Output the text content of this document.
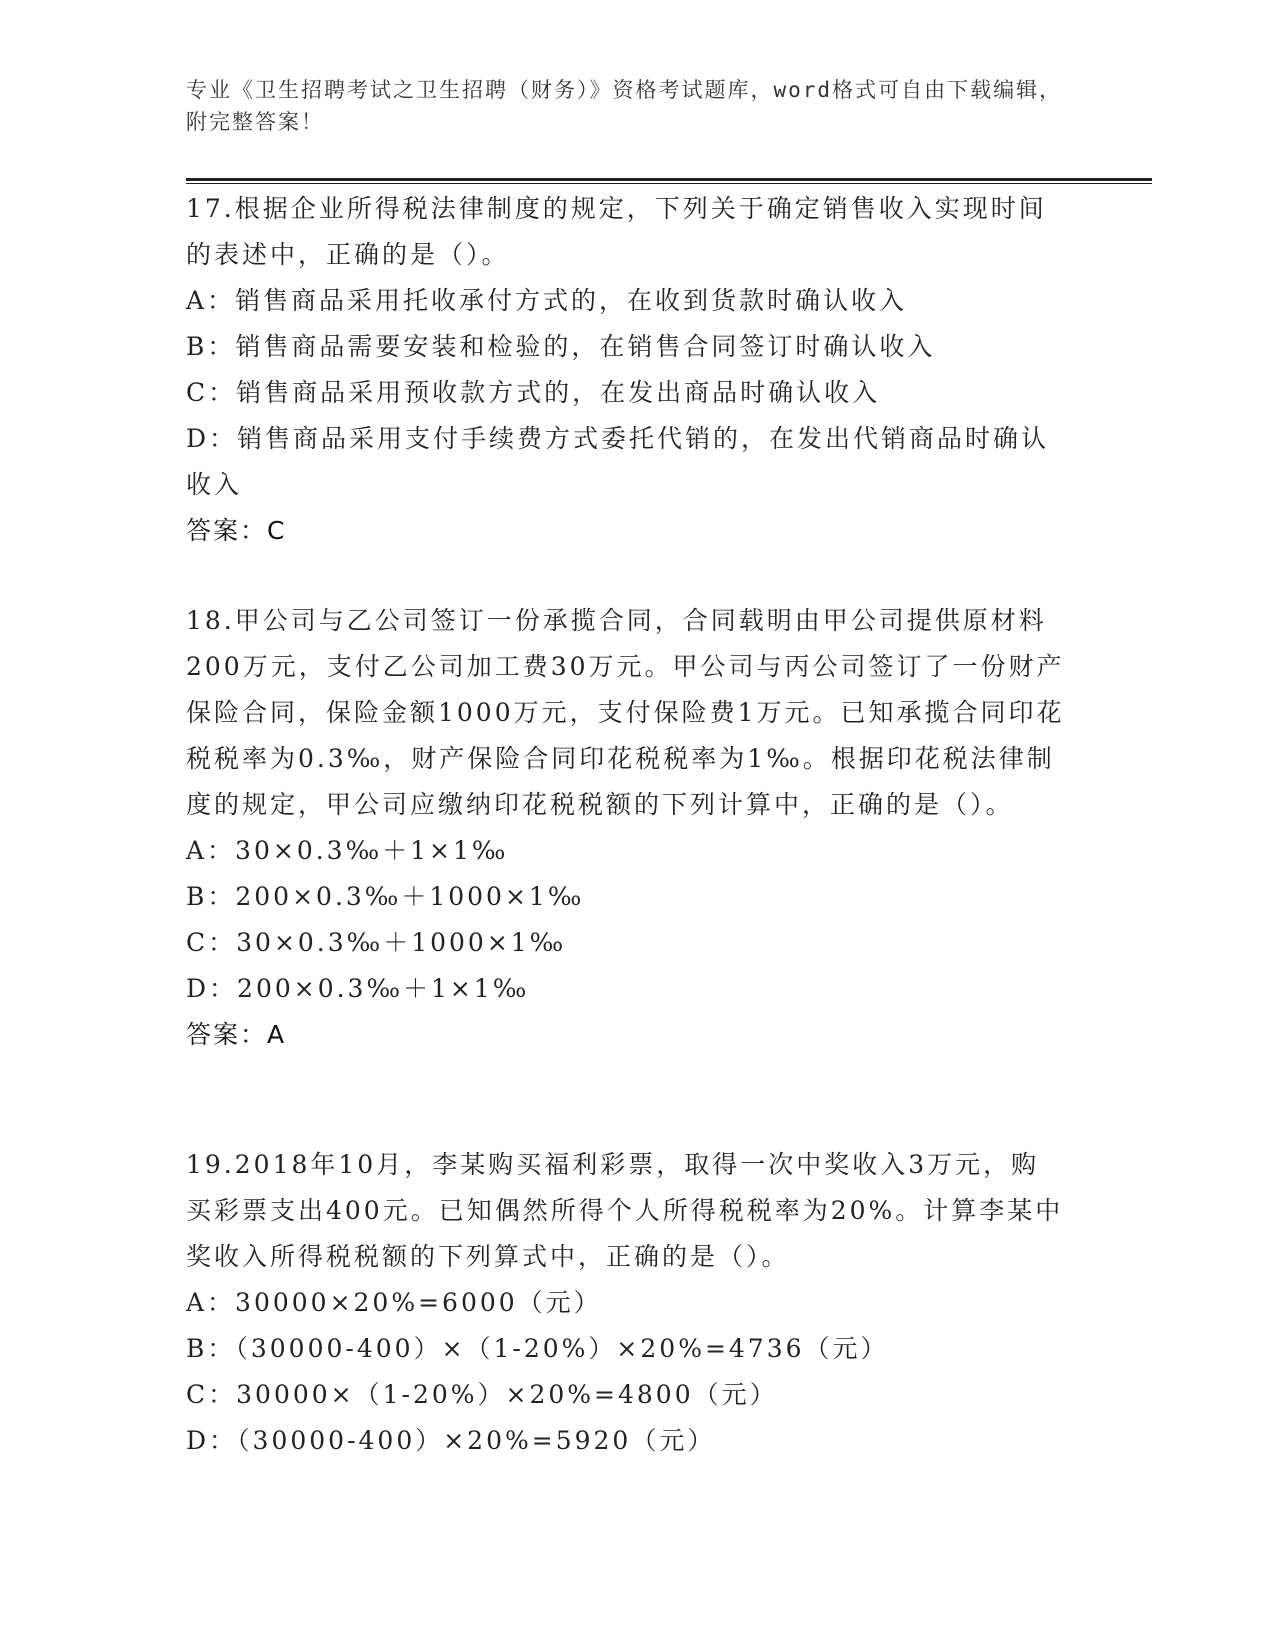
专业《卫生招聘考试之卫生招聘（财务）》资格考试题库，word格式可自由下载编辑，附完整答案！

17.根据企业所得税法律制度的规定，下列关于确定销售收入实现时间的表述中，正确的是（）。

A：销售商品采用托收承付方式的，在收到货款时确认收入

B：销售商品需要安装和检验的，在销售合同签订时确认收入

C：销售商品采用预收款方式的，在发出商品时确认收入

D：销售商品采用支付手续费方式委托代销的，在发出代销商品时确认收入

答案：C

18.甲公司与乙公司签订一份承揽合同，合同载明由甲公司提供原材料200万元，支付乙公司加工费30万元。甲公司与丙公司签订了一份财产保险合同，保险金额1000万元，支付保险费1万元。已知承揽合同印花税税率为0.3‰，财产保险合同印花税税率为1‰。根据印花税法律制度的规定，甲公司应缴纳印花税税额的下列计算中，正确的是（）。

A：30×0.3‰＋1×1‰

B：200×0.3‰＋1000×1‰

C：30×0.3‰＋1000×1‰

D：200×0.3‰＋1×1‰

答案：A

19.2018年10月，李某购买福利彩票，取得一次中奖收入3万元，购买彩票支出400元。已知偶然所得个人所得税税率为20%。计算李某中奖收入所得税税额的下列算式中，正确的是（）。

A：30000×20%=6000（元）

B：（30000-400）×（1-20%）×20%=4736（元）

C：30000×（1-20%）×20%=4800（元）

D：（30000-400）×20%=5920（元）
